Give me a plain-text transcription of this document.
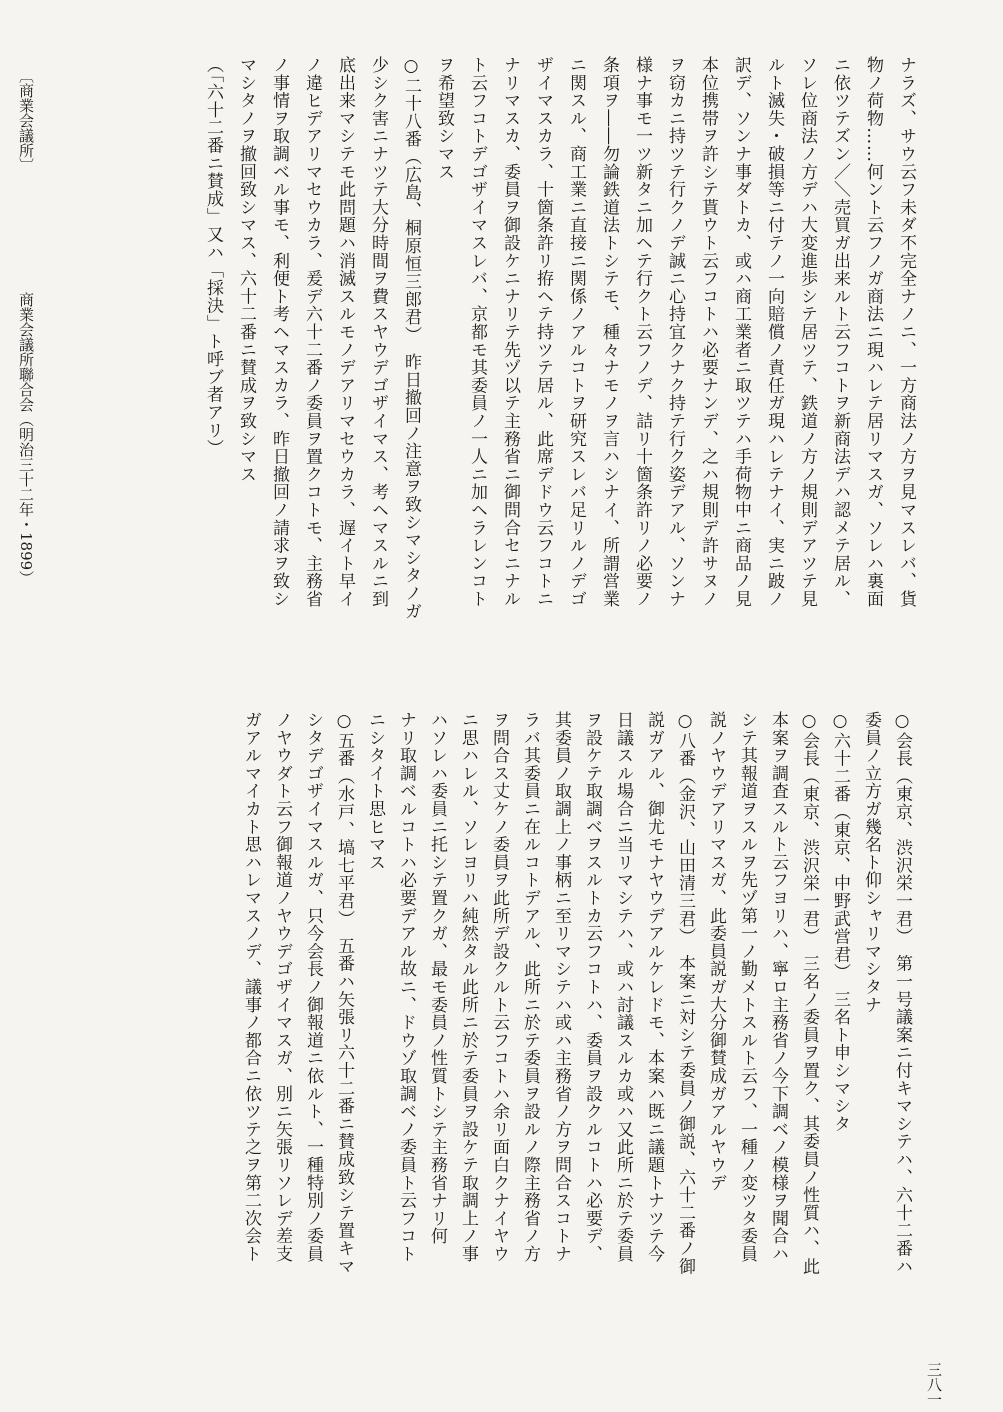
ナラズ、サウ云フ未ダ不完全ナノニ、一方商法ノ方ヲ見マスレバ、貨
物ノ荷物……何ント云フノガ商法ニ現ハレテ居リマスガ、ソレハ裏面
ニ依ツテズン／＼売買ガ出来ルト云フコトヲ新商法デハ認メテ居ル、
ソレ位商法ノ方デハ大変進歩シテ居ツテ、鉄道ノ方ノ規則デアツテ見
ルト滅失・破損等ニ付テノ一向賠償ノ責任ガ現ハレテナイ、実ニ跛ノ
訳デ、ソンナ事ダトカ、或ハ商工業者ニ取ツテハ手荷物中ニ商品ノ見
本位携帯ヲ許シテ貰ウト云フコトハ必要ナンデ、之ハ規則デ許サヌノ
ヲ窃カニ持ツテ行クノデ誠ニ心持宜クナク持テ行ク姿デアル、ソンナ
様ナ事モ一ツ新タニ加ヘテ行クト云フノデ、詰リ十箇条許リノ必要ノ
条項ヲ――勿論鉄道法トシテモ、種々ナモノヲ言ハシナイ、所謂営業
ニ関スル、商工業ニ直接ニ関係ノアルコトヲ研究スレバ足リルノデゴ
ザイマスカラ、十箇条許リ拵ヘテ持ツテ居ル、此席デドウ云フコトニ
ナリマスカ、委員ヲ御設ケニナリテ先ヅ以テ主務省ニ御問合セニナル
ト云フコトデゴザイマスレバ、京都モ其委員ノ一人ニ加ヘラレンコト
ヲ希望致シマス
○二十八番（広島、桐原恒三郎君）　昨日撤回ノ注意ヲ致シマシタノガ
少シク害ニナツテ大分時間ヲ費スヤウデゴザイマス、考ヘマスルニ到
底出来マシテモ此問題ハ消滅スルモノデアリマセウカラ、遅イト早イ
ノ違ヒデアリマセウカラ、爰デ六十二番ノ委員ヲ置クコトモ、主務省
ノ事情ヲ取調ベル事モ、利便ト考ヘマスカラ、昨日撤回ノ請求ヲ致シ
マシタノヲ撤回致シマス、六十二番ニ賛成ヲ致シマス
（「六十二番ニ賛成」又ハ「採決」ト呼ブ者アリ）
○会長（東京、渋沢栄一君）　第一号議案ニ付キマシテハ、六十二番ハ
委員ノ立方ガ幾名ト仰シャリマシタナ
○六十二番（東京、中野武営君）　三名ト申シマシタ
○会長（東京、渋沢栄一君）　三名ノ委員ヲ置ク、其委員ノ性質ハ、此
本案ヲ調査スルト云フヨリハ、寧ロ主務省ノ今下調ベノ模様ヲ聞合ハ
シテ其報道ヲスルヲ先ヅ第一ノ勤メトスルト云フ、一種ノ変ツタ委員
説ノヤウデアリマスガ、此委員説ガ大分御賛成ガアルヤウデ
○八番（金沢、山田清三君）　本案ニ対シテ委員ノ御説、六十二番ノ御
説ガアル、御尤モナヤウデアルケレドモ、本案ハ既ニ議題トナツテ今
日議スル場合ニ当リマシテハ、或ハ討議スルカ或ハ又此所ニ於テ委員
ヲ設ケテ取調ベヲスルトカ云フコトハ、委員ヲ設クルコトハ必要デ、
其委員ノ取調上ノ事柄ニ至リマシテハ或ハ主務省ノ方ヲ問合スコトナ
ラバ其委員ニ在ルコトデアル、此所ニ於テ委員ヲ設ルノ際主務省ノ方
ヲ問合ス丈ケノ委員ヲ此所デ設クルト云フコトハ余リ面白クナイヤウ
ニ思ハレル、ソレヨリハ純然タル此所ニ於テ委員ヲ設ケテ取調上ノ事
ハソレハ委員ニ托シテ置クガ、最モ委員ノ性質トシテ主務省ナリ何
ナリ取調ベルコトハ必要デアル故ニ、ドウゾ取調ベノ委員ト云フコト
ニシタイト思ヒマス
○五番（水戸、塙七平君）　五番ハ矢張リ六十二番ニ賛成致シテ置キマ
シタデゴザイマスルガ、只今会長ノ御報道ニ依ルト、一種特別ノ委員
ノヤウダト云フ御報道ノヤウデゴザイマスガ、別ニ矢張リソレデ差支
ガアルマイカト思ハレマスノデ、議事ノ都合ニ依ツテ之ヲ第二次会ト
〔商業会議所〕
商業会議所聯合会（明治三十二年・1899）
三八一
